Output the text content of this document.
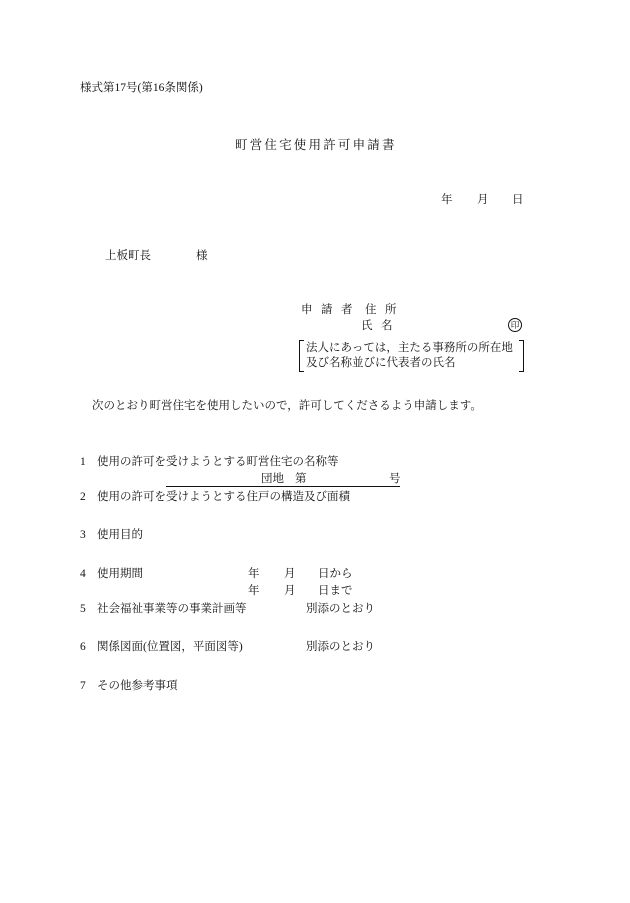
様式第17号(第16条関係)
町営住宅使用許可申請書
年 月 日
上板町長	様
申請者 住所
氏名	印
法人にあっては，主たる事務所の所在地
及び名称並びに代表者の氏名
次のとおり町営住宅を使用したいので，許可してくださるよう申請します。
1 使用の許可を受けようとする町営住宅の名称等
団地 第	号
2 使用の許可を受けようとする住戸の構造及び面積
3 使用目的
4 使用期間	年 月 日から
年 月 日まで
5 社会福祉事業等の事業計画等	別添のとおり
6 関係図面(位置図，平面図等)	別添のとおり
7 その他参考事項
